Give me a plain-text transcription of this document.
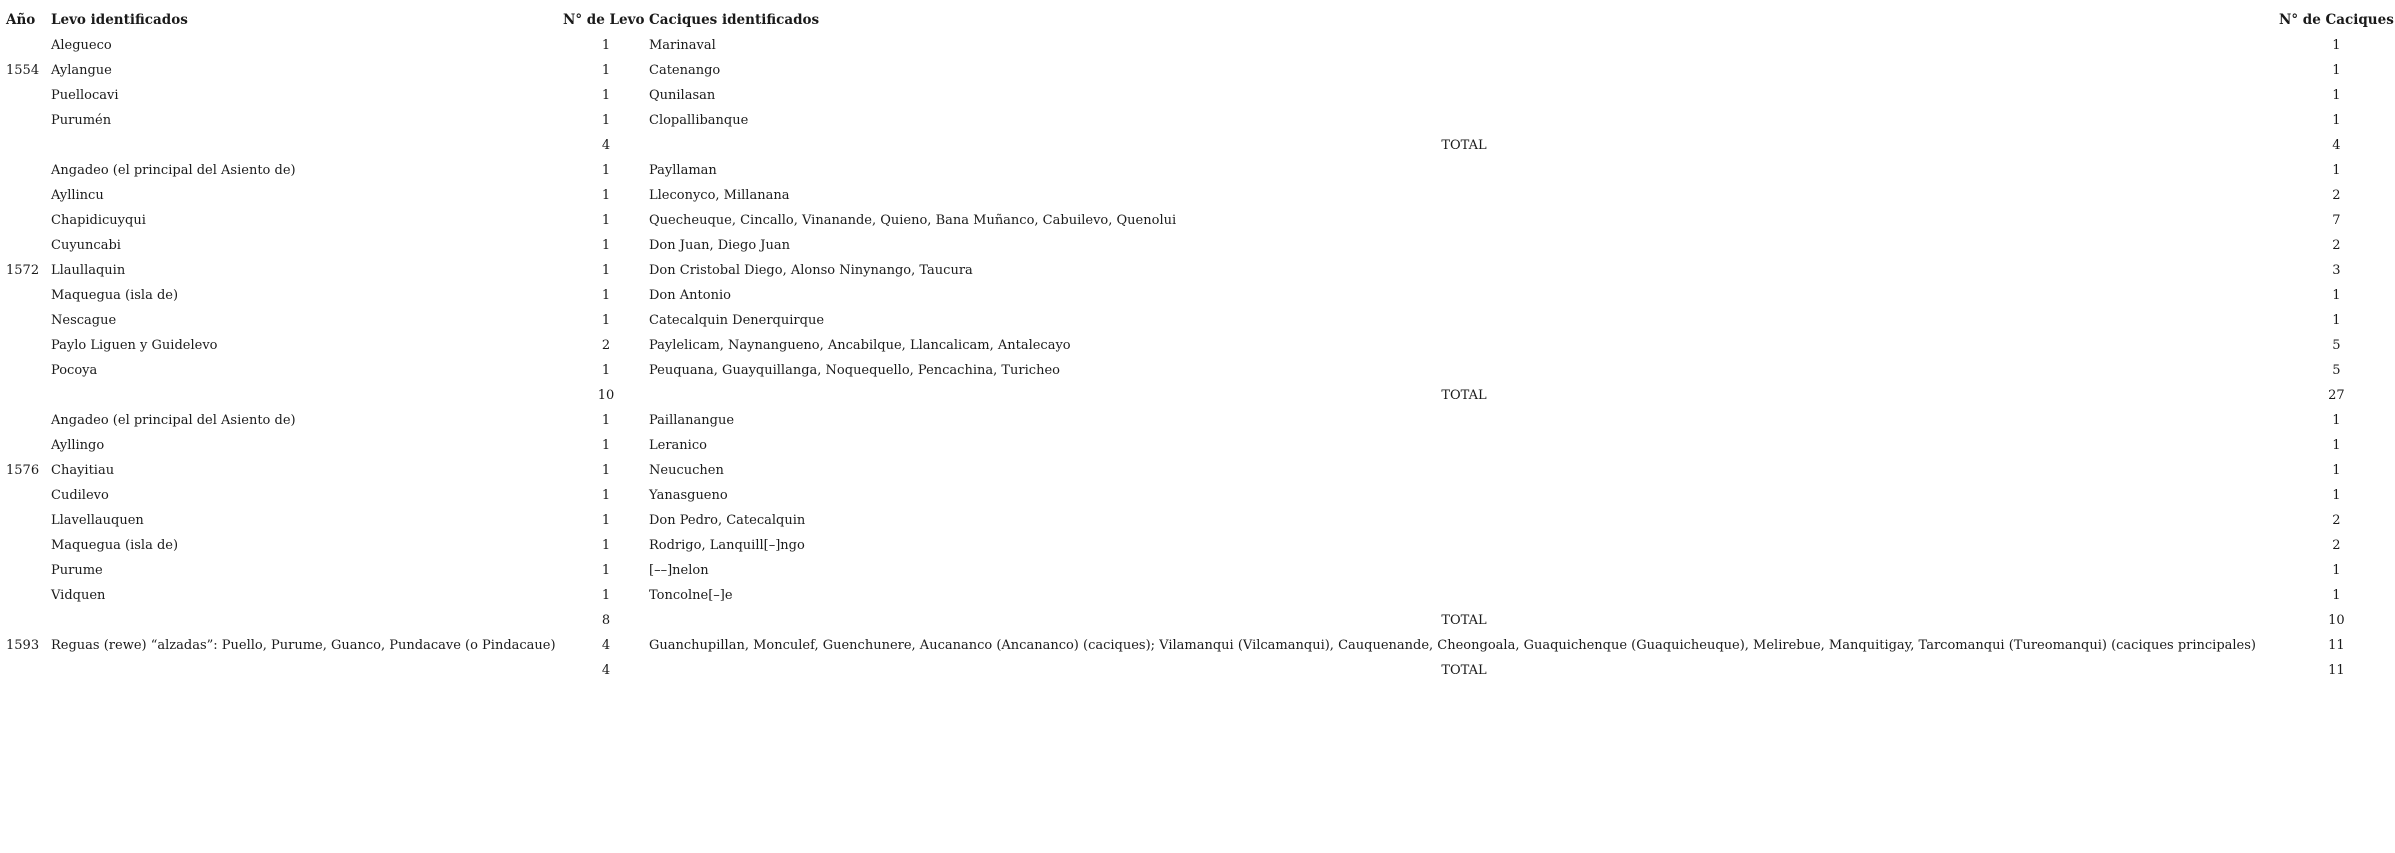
Año	Levo identificados	N° de Levo	Caciques identificados	N° de Caciques
	Alegueco	1	Marinaval	1
1554	Aylangue	1	Catenango	1
	Puellocavi	1	Qunilasan	1
	Purumén	1	Clopallibanque	1
		4	TOTAL	4
	Angadeo (el principal del Asiento de)	1	Payllaman	1
	Ayllincu	1	Lleconyco, Millanana	2
	Chapidicuyqui	1	Quecheuque, Cincallo, Vinanande, Quieno, Bana Muñanco, Cabuilevo, Quenolui	7
	Cuyuncabi	1	Don Juan, Diego Juan	2
1572	Llaullaquin	1	Don Cristobal Diego, Alonso Ninynango, Taucura	3
	Maquegua (isla de)	1	Don Antonio	1
	Nescague	1	Catecalquin Denerquirque	1
	Paylo Liguen y Guidelevo	2	Paylelicam, Naynangueno, Ancabilque, Llancalicam, Antalecayo	5
	Pocoya	1	Peuquana, Guayquillanga, Noquequello, Pencachina, Turicheo	5
		10	TOTAL	27
	Angadeo (el principal del Asiento de)	1	Paillanangue	1
	Ayllingo	1	Leranico	1
1576	Chayitiau	1	Neucuchen	1
	Cudilevo	1	Yanasgueno	1
	Llavellauquen	1	Don Pedro, Catecalquin	2
	Maquegua (isla de)	1	Rodrigo, Lanquill[–]ngo	2
	Purume	1	[––]nelon	1
	Vidquen	1	Toncolne[–]e	1
		8	TOTAL	10
1593	Reguas (rewe) “alzadas”: Puello, Purume, Guanco, Pundacave (o Pindacaue)	4	Guanchupillan, Monculef, Guenchunere, Aucananco (Ancananco) (caciques); Vilamanqui (Vilcamanqui), Cauquenande, Cheongoala, Guaquichenque (Guaquicheuque), Melirebue, Manquitigay, Tarcomanqui (Tureomanqui) (caciques principales)	11
		4	TOTAL	11
